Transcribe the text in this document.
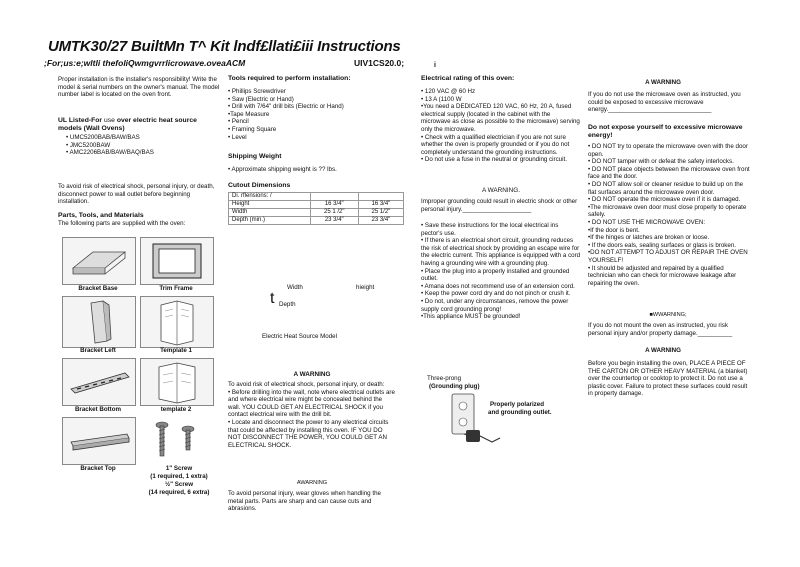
UMTK30/27 BuiltMn T^ Kit lndf£llati£iii Instructions
;For;us:e;wltli thefoliQwmgvrrlicrowave.oveaACM	UIV1CS20.0;	i
Proper installation is the installer's responsibility! Write the model & serial numbers on the owner's manual. The model number label is located on the oven front.
UL Listed-For use over electric heat source models (Wall Ovens)
• UMC5200BAB/BAW/BAS
• JMC5200BAW
• AMC2206BAB/BAW/BAQ/BAS
To avoid risk of electrical shock, personal injury, or death, disconnect power to wall outlet before beginning installation.
Parts, Tools, and Materials
The following parts are supplied with the oven:
Bracket Base	Trim Frame
Bracket Left	Template 1
Bracket Bottom	template 2
Bracket Top	1" Screw
(1 required, 1 extra)
½" Screw
(14 required, 6 extra)
Tools required to perform installation:
• Phillips Screwdriver
• Saw (Electric or Hand)
• Drill with 7/64" drill bits (Electric or Hand)
•Tape Measure
• Pencil
• Framing Square
• Level
Shipping Weight
• Approximate shipping weight is ?? lbs.
Cutout Dimensions
Di. rflensions: /		
Height	16 3/4"	16 3/4"
Width	25 1 /2"	25 1/2"
Depth (min.)	23 3/4"	23 3/4"
Width	hieight
t Depth
Electric Heat Source Model
A WARNING

To avoid risk of electrical shock, personal injury, or death:

• Before drilling into the wall, note where electrical outlets are and where electrical wire might be concealed behind the wall. YOU COULD GET AN ELECTRICAL SHOCK if you contact electrical wire with the drill bit.

• Locate and disconnect the power to any electrical circuits that could be affected by installing this oven. IF YOU DO NOT DISCONNECT THE POWER, YOU COULD GET AN ELECTRICAL SHOCK.

AWARNING
To avoid personal injury, wear gloves when handling the metal parts. Parts are sharp and can cause cuts and abrasions.
Electrical rating of this oven:
• 120 VAC @ 60 Hz
• 13 A (1100 W
•You need a DEDICATED 120 VAC, 60 Hz, 20 A, fused electrical supply (located in the cabinet with the microwave as close as possible to the microwave) serving only the microwave.
• Check with a qualified electrician if you are not sure whether the oven is properly grounded or if you do not completely understand the grounding instructions.
• Do not use a fuse in the neutral or grounding circuit.
A WARNING.
Improper grounding could result in electric shock or other personal injury.____________________
• Save these instructions for the local electrical ins pector's use.
• If there is an electrical short circuit, grounding reduces the risk of electrical shock by providing an escape wire for the electric current. This appliance is equipped with a cord having a grounding wire with a grounding plug.
• Place the plug into a properly installed and grounded outlet.
• Amana does not recommend use of an extension cord.
• Keep the power cord dry and do not pinch or crush it.
• Do not, under any circumstances, remove the power supply cord grounding prong!
•This appliance MUST be grounded!
Three-prong
(Grounding plug)
Properly polarized
and grounding outlet.
A WARNING
If you do not use the microwave oven as instructed, you could be exposed to excessive microwave energy.______________________________
Do not expose yourself to excessive microwave energy!
• DO NOT try to operate the microwave oven with the door open.
• DO NOT tamper with or defeat the safety interlocks.
• DO NOT place objects between the microwave oven front face and the door.
• DO NOT allow soil or cleaner residue to build up on the flat surfaces around the microwave oven door.
• DO NOT operate the microwave oven if it is damaged.
•The microwave oven door must close properly to operate safely.
• DO NOT USE THE MICROWAVE OVEN:
•If the door is bent.
•If the hinges or latches are broken or loose.
• If the doors eals, sealing surfaces or glass is broken.
•DO NOT ATTEMPT TO ADJUST OR REPAIR THE OVEN YOURSELF!
• It should be adjusted and repaired by a qualified technician who can check for microwave leakage after repairing the oven.
■WWARNING;
If you do not mount the oven as instructed, you risk personal injury and/or property damage.__________
A WARNING
Before you begin installing the oven, PLACE A PIECE OF THE CARTON OR OTHER HEAVY MATERIAL (a blanket) over the countertop or cooktop to protect it. Do not use a plastic cover. Failure to protect these surfaces could result in property damage.
